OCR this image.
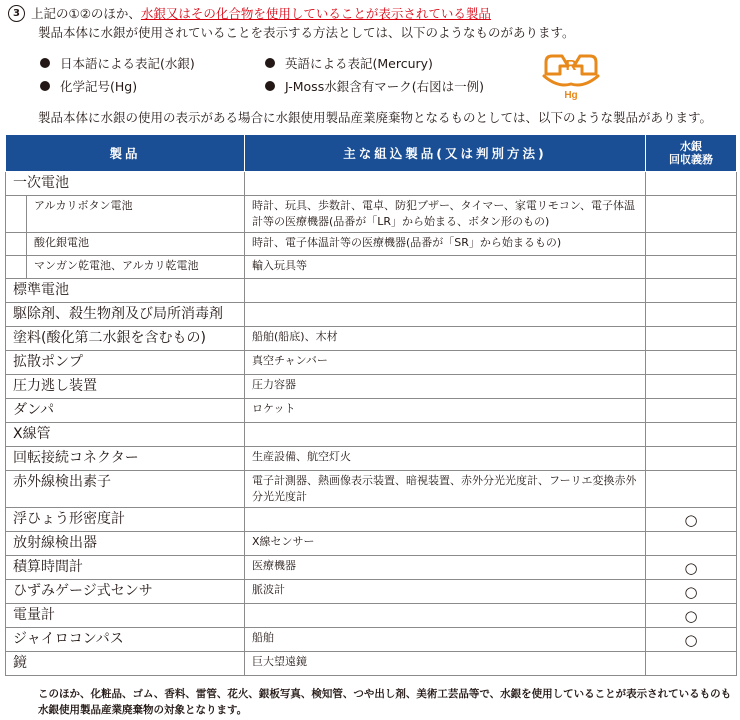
3 上記の①②のほか、 水銀又はその化合物を使用していることが表示されている製品
製品本体に水銀が使用されていることを表示する方法としては、以下のようなものがあります。
日本語による表記(水銀)	英語による表記(Mercury)
化学記号(Hg)	J-Moss水銀含有マーク(右図は一例)
R
Hg
製品本体に水銀の使用の表示がある場合に水銀使用製品産業廃棄物となるものとしては、以下のような製品があります。
製品	主な組込製品(又は判別方法)	水銀
回収義務

一次電池		
アルカリボタン電池	時計、玩具、歩数計、電卓、防犯ブザー、タイマー、家電リモコン、電子体温計等の医療機器(品番が「LR」から始まる、ボタン形のもの)	
酸化銀電池	時計、電子体温計等の医療機器(品番が「SR」から始まるもの)	
マンガン乾電池、アルカリ乾電池	輸入玩具等	
標準電池		
駆除剤、殺生物剤及び局所消毒剤		
塗料(酸化第二水銀を含むもの)	船舶(船底)、木材	
拡散ポンプ	真空チャンバー	
圧力逃し装置	圧力容器	
ダンパ	ロケット	
X線管		
回転接続コネクター	生産設備、航空灯火	
赤外線検出素子	電子計測器、熱画像表示装置、暗視装置、赤外分光光度計、フーリエ変換赤外分光光度計	
浮ひょう形密度計		○
放射線検出器	X線センサー	
積算時間計	医療機器	○
ひずみゲージ式センサ	脈波計	○
電量計		○
ジャイロコンパス	船舶	○
鏡	巨大望遠鏡	
このほか、化粧品、ゴム、香料、雷管、花火、銀板写真、検知管、つや出し剤、美術工芸品等で、水銀を使用していることが表示されているものも水銀使用製品産業廃棄物の対象となります。
